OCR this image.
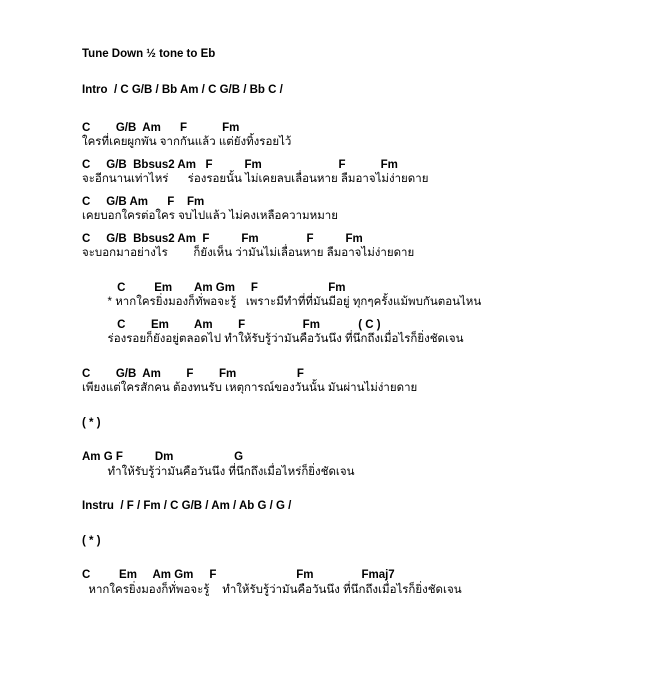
Tune Down ½ tone to Eb
Intro  / C G/B / Bb Am / C G/B / Bb C /
C        G/B  Am      F           Fm
ใครที่เคยผูกพัน จากกันแล้ว แต่ยังทิ้งรอยไว้
C     G/B  Bbsus2 Am   F          Fm                        F           Fm
จะอีกนานเท่าไหร่      ร่องรอยนั้น ไม่เคยลบเลื่อนหาย ลืมอาจไม่ง่ายดาย
C     G/B Am      F    Fm
เคยบอกใครต่อใคร จบไปแล้ว ไม่คงเหลือความหมาย
C     G/B  Bbsus2 Am  F          Fm               F          Fm
จะบอกมาอย่างไร        ก็ยังเห็น ว่ามันไม่เลื่อนหาย ลืมอาจไม่ง่ายดาย
C         Em       Am Gm     F                      Fm
* หากใครยิ่งมองก็ทั่พอจะรู้   เพราะมีทำที่ที่มันมีอยู่ ทุกๆครั้งแม้พบกันตอนไหน
C        Em        Am        F                  Fm            ( C )
ร่องรอยก็ยังอยู่ตลอดไป ทำให้รับรู้ว่ามันคือวันนึง ที่นึกถึงเมื่อไรก็ยิ่งชัดเจน
C        G/B  Am        F        Fm                   F
เพียงแต่ใครสักคน ต้องทนรับ เหตุการณ์ของวันนั้น มันผ่านไม่ง่ายดาย
( * )
Am G F          Dm                   G
ทำให้รับรู้ว่ามันคือวันนึง ที่นึกถึงเมื่อไหร่ก็ยิ่งชัดเจน
Instru  / F / Fm / C G/B / Am / Ab G / G /
( * )
C         Em     Am Gm     F                         Fm               Fmaj7
หากใครยิ่งมองก็ทั่พอจะรู้    ทำให้รับรู้ว่ามันคือวันนึง ที่นึกถึงเมื่อไรก็ยิ่งชัดเจน
